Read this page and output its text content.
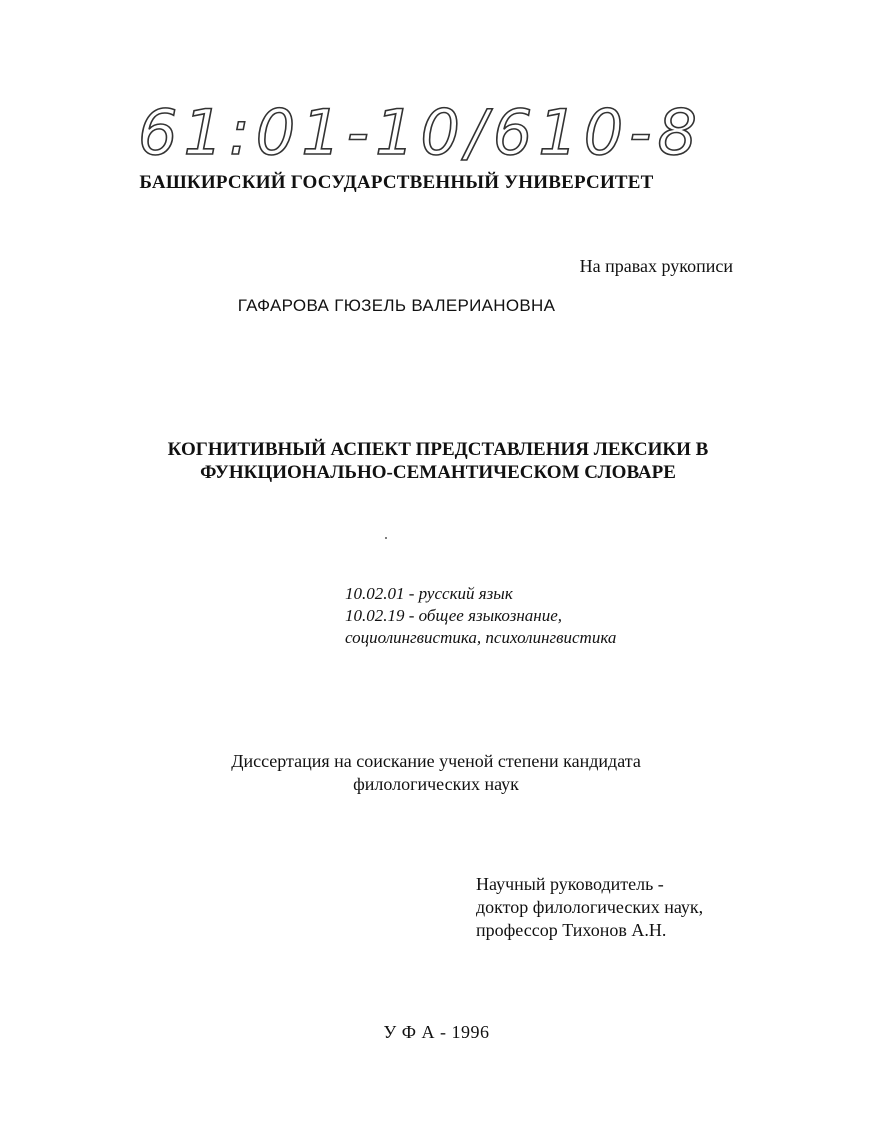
61:01-10/610-8
БАШКИРСКИЙ ГОСУДАРСТВЕННЫЙ УНИВЕРСИТЕТ
На правах рукописи
ГАФАРОВА ГЮЗЕЛЬ ВАЛЕРИАНОВНА
КОГНИТИВНЫЙ АСПЕКТ ПРЕДСТАВЛЕНИЯ ЛЕКСИКИ В
ФУНКЦИОНАЛЬНО-СЕМАНТИЧЕСКОМ СЛОВАРЕ
10.02.01 - русский язык
10.02.19 - общее языкознание,
социолингвистика, психолингвистика
Диссертация на соискание ученой степени кандидата
филологических наук
Научный руководитель -
доктор филологических наук,
профессор Тихонов А.Н.
У Ф А - 1996
